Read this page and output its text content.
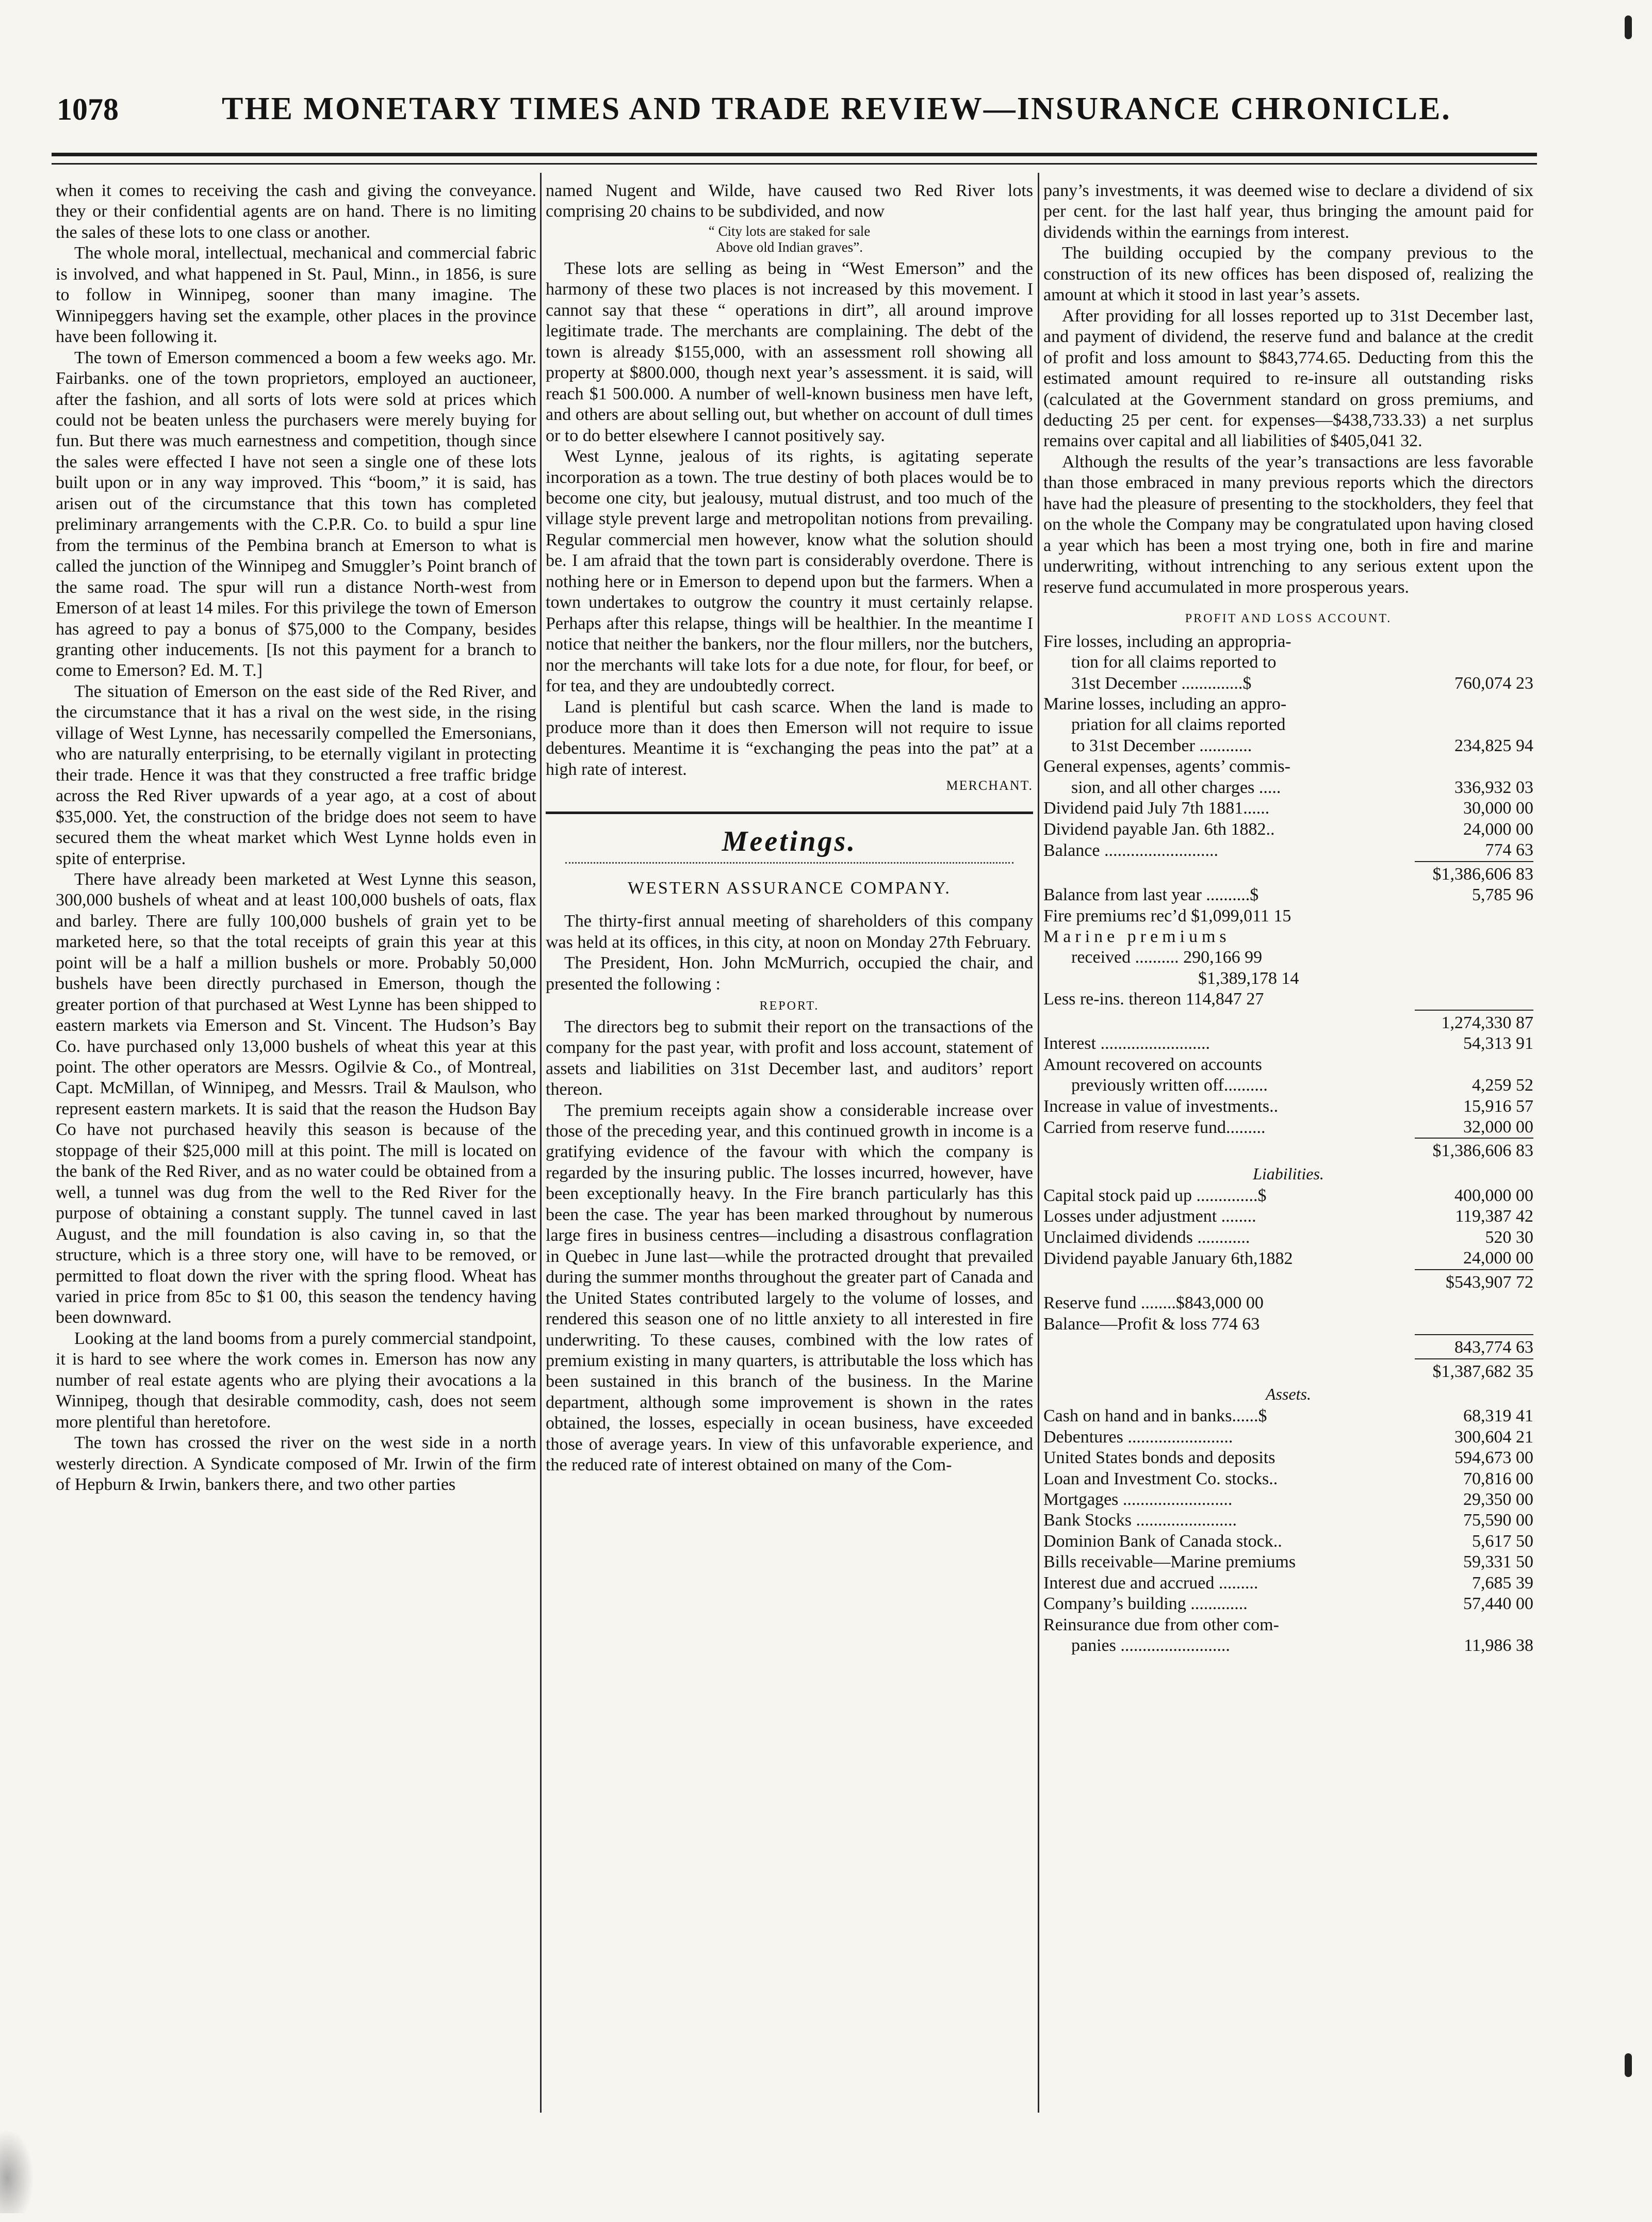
1078	THE MONETARY TIMES AND TRADE REVIEW—INSURANCE CHRONICLE.

when it comes to receiving the cash and giving the conveyance. they or their confidential agents are on hand. There is no limiting the sales of these lots to one class or another.

The whole moral, intellectual, mechanical and commercial fabric is involved, and what happened in St. Paul, Minn., in 1856, is sure to follow in Winnipeg, sooner than many imagine. The Winnipeggers having set the example, other places in the province have been following it.

The town of Emerson commenced a boom a few weeks ago. Mr. Fairbanks. one of the town proprietors, employed an auctioneer, after the fashion, and all sorts of lots were sold at prices which could not be beaten unless the purchasers were merely buying for fun. But there was much earnestness and competition, though since the sales were effected I have not seen a single one of these lots built upon or in any way improved. This “boom,” it is said, has arisen out of the circumstance that this town has completed preliminary arrangements with the C.P.R. Co. to build a spur line from the terminus of the Pembina branch at Emerson to what is called the junction of the Winnipeg and Smuggler’s Point branch of the same road. The spur will run a distance North-west from Emerson of at least 14 miles. For this privilege the town of Emerson has agreed to pay a bonus of $75,000 to the Company, besides granting other inducements. [Is not this payment for a branch to come to Emerson? Ed. M. T.]

The situation of Emerson on the east side of the Red River, and the circumstance that it has a rival on the west side, in the rising village of West Lynne, has necessarily compelled the Emersonians, who are naturally enterprising, to be eternally vigilant in protecting their trade. Hence it was that they constructed a free traffic bridge across the Red River upwards of a year ago, at a cost of about $35,000. Yet, the construction of the bridge does not seem to have secured them the wheat market which West Lynne holds even in spite of enterprise.

There have already been marketed at West Lynne this season, 300,000 bushels of wheat and at least 100,000 bushels of oats, flax and barley. There are fully 100,000 bushels of grain yet to be marketed here, so that the total receipts of grain this year at this point will be a half a million bushels or more. Probably 50,000 bushels have been directly purchased in Emerson, though the greater portion of that purchased at West Lynne has been shipped to eastern markets via Emerson and St. Vincent. The Hudson’s Bay Co. have purchased only 13,000 bushels of wheat this year at this point. The other operators are Messrs. Ogilvie & Co., of Montreal, Capt. McMillan, of Winnipeg, and Messrs. Trail & Maulson, who represent eastern markets. It is said that the reason the Hudson Bay Co have not purchased heavily this season is because of the stoppage of their $25,000 mill at this point. The mill is located on the bank of the Red River, and as no water could be obtained from a well, a tunnel was dug from the well to the Red River for the purpose of obtaining a constant supply. The tunnel caved in last August, and the mill foundation is also caving in, so that the structure, which is a three story one, will have to be removed, or permitted to float down the river with the spring flood. Wheat has varied in price from 85c to $1 00, this season the tendency having been downward.

Looking at the land booms from a purely commercial standpoint, it is hard to see where the work comes in. Emerson has now any number of real estate agents who are plying their avocations a la Winnipeg, though that desirable commodity, cash, does not seem more plentiful than heretofore.

The town has crossed the river on the west side in a north westerly direction. A Syndicate composed of Mr. Irwin of the firm of Hepburn & Irwin, bankers there, and two other parties

named Nugent and Wilde, have caused two Red River lots comprising 20 chains to be subdivided, and now

“ City lots are staked for sale
Above old Indian graves”.

These lots are selling as being in “West Emerson” and the harmony of these two places is not increased by this movement. I cannot say that these “ operations in dirt”, all around improve legitimate trade. The merchants are complaining. The debt of the town is already $155,000, with an assessment roll showing all property at $800.000, though next year’s assessment. it is said, will reach $1 500.000. A number of well-known business men have left, and others are about selling out, but whether on account of dull times or to do better elsewhere I cannot positively say.

West Lynne, jealous of its rights, is agitating seperate incorporation as a town. The true destiny of both places would be to become one city, but jealousy, mutual distrust, and too much of the village style prevent large and metropolitan notions from prevailing. Regular commercial men however, know what the solution should be. I am afraid that the town part is considerably overdone. There is nothing here or in Emerson to depend upon but the farmers. When a town undertakes to outgrow the country it must certainly relapse. Perhaps after this relapse, things will be healthier. In the meantime I notice that neither the bankers, nor the flour millers, nor the butchers, nor the merchants will take lots for a due note, for flour, for beef, or for tea, and they are undoubtedly correct.

Land is plentiful but cash scarce. When the land is made to produce more than it does then Emerson will not require to issue debentures. Meantime it is “exchanging the peas into the pat” at a high rate of interest.

MERCHANT.
Meetings.
WESTERN ASSURANCE COMPANY.

The thirty-first annual meeting of shareholders of this company was held at its offices, in this city, at noon on Monday 27th February.

The President, Hon. John McMurrich, occupied the chair, and presented the following :

REPORT.

The directors beg to submit their report on the transactions of the company for the past year, with profit and loss account, statement of assets and liabilities on 31st December last, and auditors’ report thereon.

The premium receipts again show a considerable increase over those of the preceding year, and this continued growth in income is a gratifying evidence of the favour with which the company is regarded by the insuring public. The losses incurred, however, have been exceptionally heavy. In the Fire branch particularly has this been the case. The year has been marked throughout by numerous large fires in business centres—including a disastrous conflagration in Quebec in June last—while the protracted drought that prevailed during the summer months throughout the greater part of Canada and the United States contributed largely to the volume of losses, and rendered this season one of no little anxiety to all interested in fire underwriting. To these causes, combined with the low rates of premium existing in many quarters, is attributable the loss which has been sustained in this branch of the business. In the Marine department, although some improvement is shown in the rates obtained, the losses, especially in ocean business, have exceeded those of average years. In view of this unfavorable experience, and the reduced rate of interest obtained on many of the Com-

pany’s investments, it was deemed wise to declare a dividend of six per cent. for the last half year, thus bringing the amount paid for dividends within the earnings from interest.

The building occupied by the company previous to the construction of its new offices has been disposed of, realizing the amount at which it stood in last year’s assets.

After providing for all losses reported up to 31st December last, and payment of dividend, the reserve fund and balance at the credit of profit and loss amount to $843,774.65. Deducting from this the estimated amount required to re-insure all outstanding risks (calculated at the Government standard on gross premiums, and deducting 25 per cent. for expenses—$438,733.33) a net surplus remains over capital and all liabilities of $405,041 32.

Although the results of the year’s transactions are less favorable than those embraced in many previous reports which the directors have had the pleasure of presenting to the stockholders, they feel that on the whole the Company may be congratulated upon having closed a year which has been a most trying one, both in fire and marine underwriting, without intrenching to any serious extent upon the reserve fund accumulated in more prosperous years.

PROFIT AND LOSS ACCOUNT.
Fire losses, including an appropria-	
tion for all claims reported to	
31st December ..............$	760,074 23
Marine losses, including an appro-	
priation for all claims reported	
to 31st December ............	234,825 94
General expenses, agents’ commis-	
sion, and all other charges .....	336,932 03
Dividend paid July 7th 1881......	30,000 00
Dividend payable Jan. 6th 1882..	24,000 00
Balance ..........................	774 63
	$1,386,606 83
Balance from last year ..........$	5,785 96
Fire premiums rec’d $1,099,011 15	
Marine premiums	
received .......... 290,166 99	
$1,389,178 14	
Less re-ins. thereon 114,847 27	
	1,274,330 87
Interest .........................	54,313 91
Amount recovered on accounts	
previously written off..........	4,259 52
Increase in value of investments..	15,916 57
Carried from reserve fund.........	32,000 00
	$1,386,606 83
Liabilities.
Capital stock paid up ..............$	400,000 00
Losses under adjustment ........	119,387 42
Unclaimed dividends ............	520 30
Dividend payable January 6th,1882	24,000 00
	$543,907 72
Reserve fund ........$843,000 00	
Balance—Profit & loss 774 63	
	843,774 63
	$1,387,682 35
Assets.
Cash on hand and in banks......$	68,319 41
Debentures ........................	300,604 21
United States bonds and deposits	594,673 00
Loan and Investment Co. stocks..	70,816 00
Mortgages .........................	29,350 00
Bank Stocks .......................	75,590 00
Dominion Bank of Canada stock..	5,617 50
Bills receivable—Marine premiums	59,331 50
Interest due and accrued .........	7,685 39
Company’s building .............	57,440 00
Reinsurance due from other com-	
panies .........................	11,986 38
